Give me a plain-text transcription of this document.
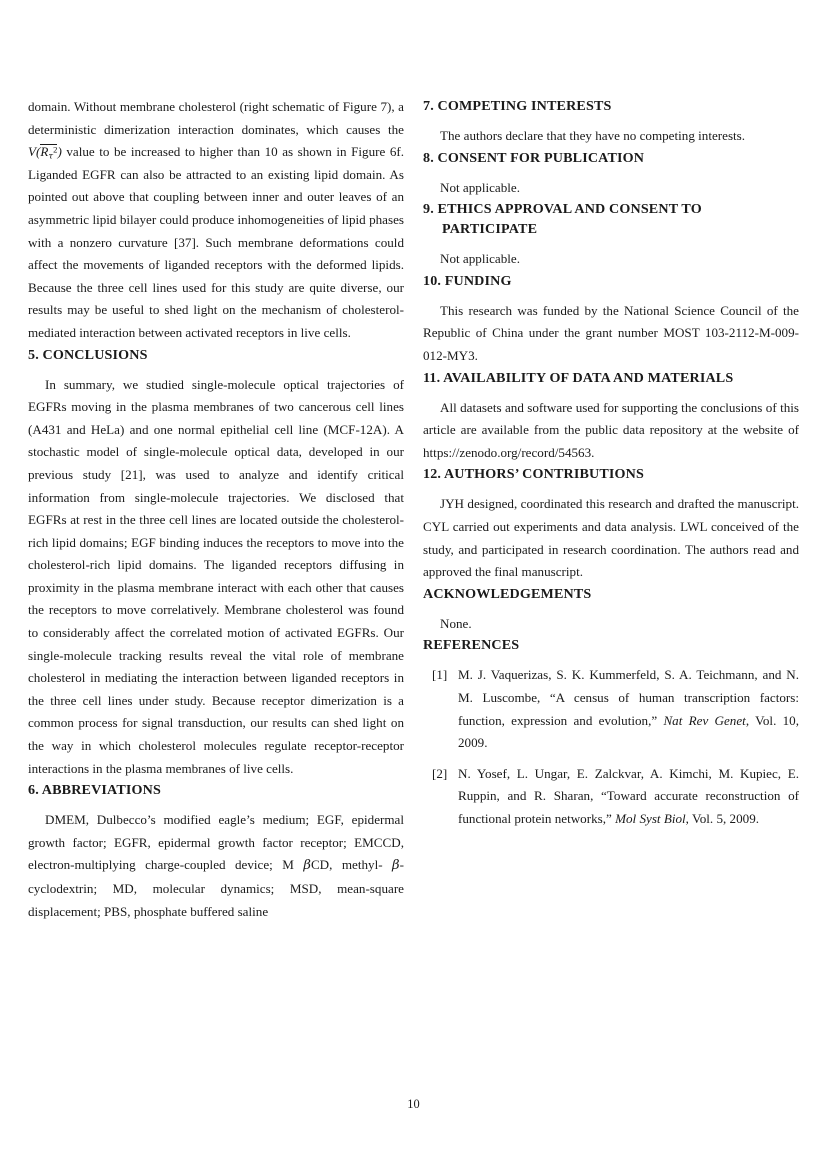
domain. Without membrane cholesterol (right schematic of Figure 7), a deterministic dimerization interaction dominates, which causes the $V(R_\tau^2)$ value to be increased to higher than 10 as shown in Figure 6f. Liganded EGFR can also be attracted to an existing lipid domain. As pointed out above that coupling between inner and outer leaves of an asymmetric lipid bilayer could produce inhomogeneities of lipid phases with a nonzero curvature [37]. Such membrane deformations could affect the movements of liganded receptors with the deformed lipids. Because the three cell lines used for this study are quite diverse, our results may be useful to shed light on the mechanism of cholesterol-mediated interaction between activated receptors in live cells.

5. CONCLUSIONS

In summary, we studied single-molecule optical trajectories of EGFRs moving in the plasma membranes of two cancerous cell lines (A431 and HeLa) and one normal epithelial cell line (MCF-12A). A stochastic model of single-molecule optical data, developed in our previous study [21], was used to analyze and identify critical information from single-molecule trajectories. We disclosed that EGFRs at rest in the three cell lines are located outside the cholesterol-rich lipid domains; EGF binding induces the receptors to move into the cholesterol-rich lipid domains. The liganded receptors diffusing in proximity in the plasma membrane interact with each other that causes the receptors to move correlatively. Membrane cholesterol was found to considerably affect the correlated motion of activated EGFRs. Our single-molecule tracking results reveal the vital role of membrane cholesterol in mediating the interaction between liganded receptors in the three cell lines under study. Because receptor dimerization is a common process for signal transduction, our results can shed light on the way in which cholesterol molecules regulate receptor-receptor interactions in the plasma membranes of live cells.

6. ABBREVIATIONS

DMEM, Dulbecco’s modified eagle’s medium; EGF, epidermal growth factor; EGFR, epidermal growth factor receptor; EMCCD, electron-multiplying charge-coupled device; M βCD, methyl- β-cyclodextrin; MD, molecular dynamics; MSD, mean-square displacement; PBS, phosphate buffered saline

7. COMPETING INTERESTS

The authors declare that they have no competing interests.

8. CONSENT FOR PUBLICATION

Not applicable.

9. ETHICS APPROVAL AND CONSENT TO
PARTICIPATE

Not applicable.

10. FUNDING

This research was funded by the National Science Council of the Republic of China under the grant number MOST 103-2112-M-009-012-MY3.

11. AVAILABILITY OF DATA AND MATERIALS

All datasets and software used for supporting the conclusions of this article are available from the public data repository at the website of https://zenodo.org/record/54563.

12. AUTHORS’ CONTRIBUTIONS

JYH designed, coordinated this research and drafted the manuscript. CYL carried out experiments and data analysis. LWL conceived of the study, and participated in research coordination. The authors read and approved the final manuscript.

ACKNOWLEDGEMENTS

None.

REFERENCES
[1] M. J. Vaquerizas, S. K. Kummerfeld, S. A. Teichmann, and N. M. Luscombe, “A census of human transcription factors: function, expression and evolution,” Nat Rev Genet, Vol. 10, 2009.
[2] N. Yosef, L. Ungar, E. Zalckvar, A. Kimchi, M. Kupiec, E. Ruppin, and R. Sharan, “Toward accurate reconstruction of functional protein networks,” Mol Syst Biol, Vol. 5, 2009.
10
